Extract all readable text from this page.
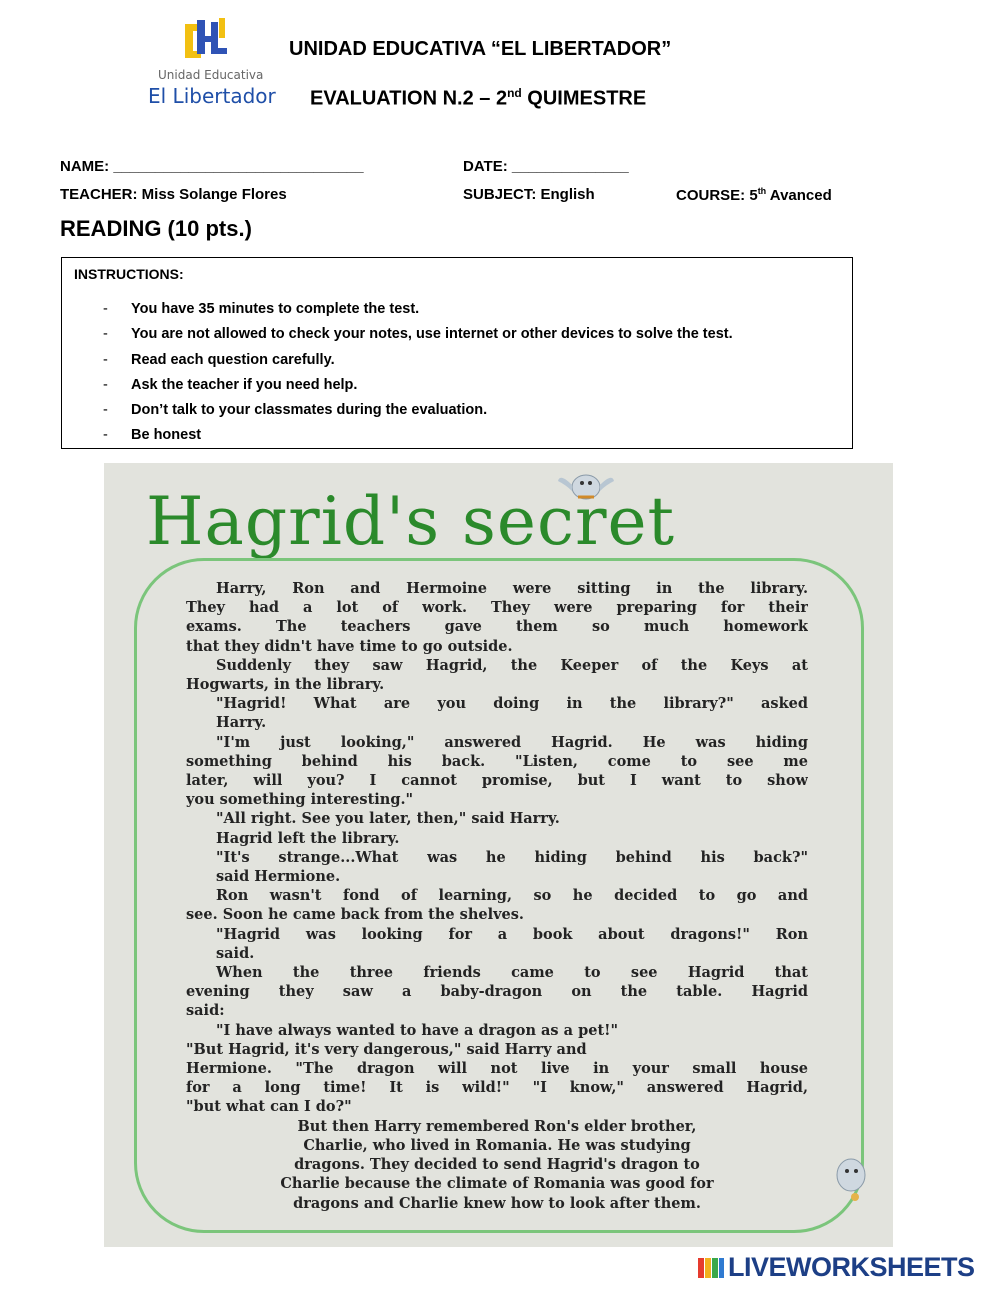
Unidad Educativa
El Libertador
UNIDAD EDUCATIVA “EL LIBERTADOR”
EVALUATION N.2 – 2nd QUIMESTRE
NAME: ______________________________	DATE: ______________
TEACHER: Miss Solange Flores	SUBJECT: English	COURSE: 5th Avanced
READING (10 pts.)
INSTRUCTIONS:
- You have 35 minutes to complete the test.
- You are not allowed to check your notes, use internet or other devices to solve the test.
- Read each question carefully.
- Ask the teacher if you need help.
- Don’t talk to your classmates during the evaluation.
- Be honest
Hagrid's secret
Harry, Ron and Hermoine were sitting in the library.
They had a lot of work. They were preparing for their
exams. The teachers gave them so much homework
that they didn't have time to go outside.
Suddenly they saw Hagrid, the Keeper of the Keys at
Hogwarts, in the library.
"Hagrid! What are you doing in the library?" asked
Harry.
"I'm just looking," answered Hagrid. He was hiding
something behind his back. "Listen, come to see me
later, will you? I cannot promise, but I want to show
you something interesting."
"All right. See you later, then," said Harry.
Hagrid left the library.
"It's strange...What was he hiding behind his back?"
said Hermione.
Ron wasn't fond of learning, so he decided to go and
see. Soon he came back from the shelves.
"Hagrid was looking for a book about dragons!" Ron
said.
When the three friends came to see Hagrid that
evening they saw a baby-dragon on the table. Hagrid
said:
"I have always wanted to have a dragon as a pet!"
"But Hagrid, it's very dangerous," said Harry and
Hermione. "The dragon will not live in your small house
for a long time! It is wild!" "I know," answered Hagrid,
"but what can I do?"
But then Harry remembered Ron's elder brother,
Charlie, who lived in Romania. He was studying
dragons. They decided to send Hagrid's dragon to
Charlie because the climate of Romania was good for
dragons and Charlie knew how to look after them.
LIVEWORKSHEETS
